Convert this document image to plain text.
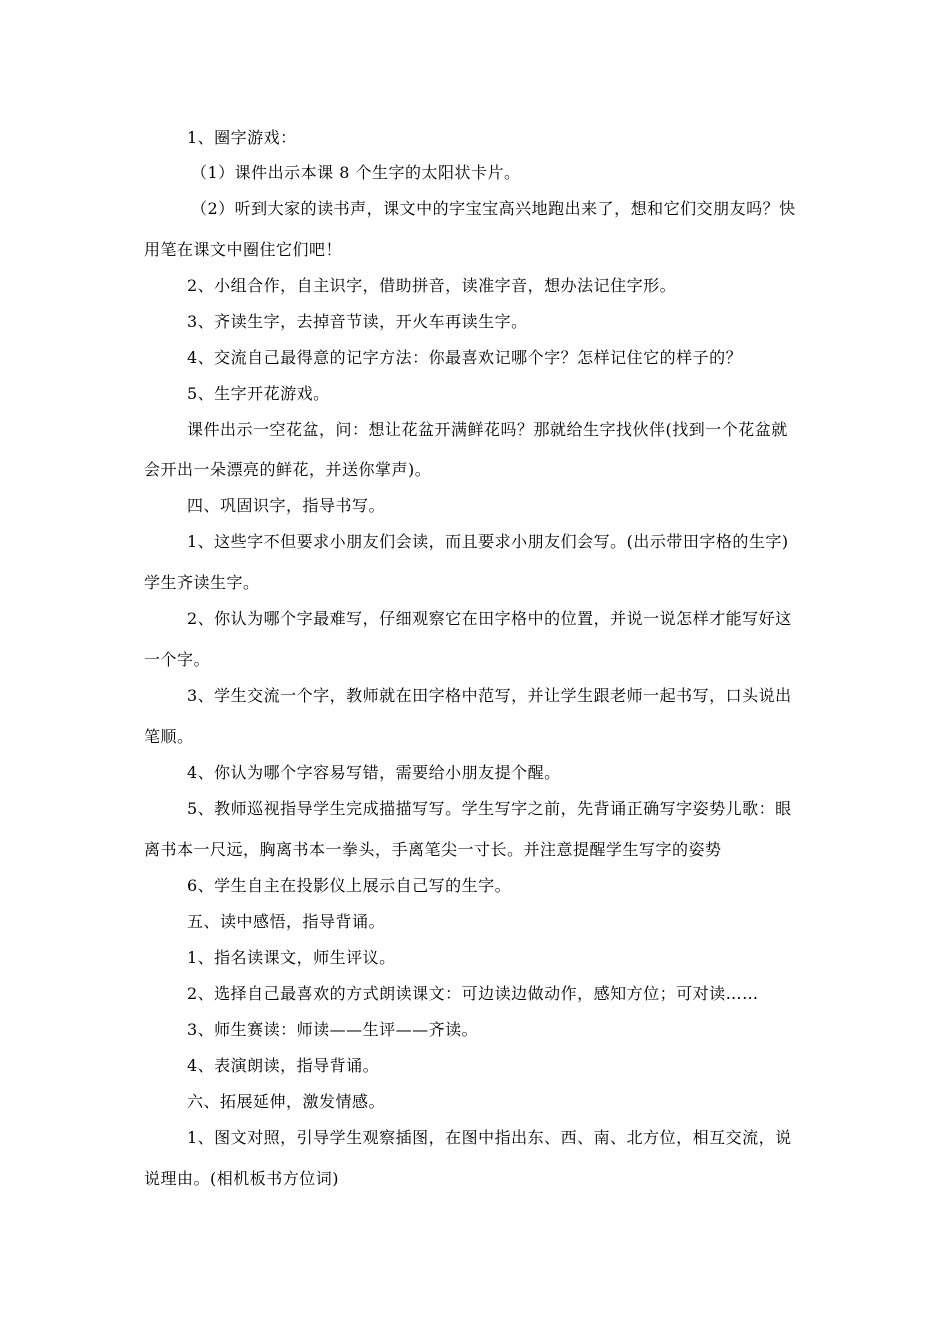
1、圈字游戏：
（1）课件出示本课 8 个生字的太阳状卡片。
（2）听到大家的读书声，课文中的字宝宝高兴地跑出来了，想和它们交朋友吗？快
用笔在课文中圈住它们吧！
2、小组合作，自主识字，借助拼音，读准字音，想办法记住字形。
3、齐读生字，去掉音节读，开火车再读生字。
4、交流自己最得意的记字方法：你最喜欢记哪个字？怎样记住它的样子的？
5、生字开花游戏。
课件出示一空花盆，问：想让花盆开满鲜花吗？那就给生字找伙伴(找到一个花盆就
会开出一朵漂亮的鲜花，并送你掌声)。
四、巩固识字，指导书写。
1、这些字不但要求小朋友们会读，而且要求小朋友们会写。(出示带田字格的生字)
学生齐读生字。
2、你认为哪个字最难写，仔细观察它在田字格中的位置，并说一说怎样才能写好这
一个字。
3、学生交流一个字，教师就在田字格中范写，并让学生跟老师一起书写，口头说出
笔顺。
4、你认为哪个字容易写错，需要给小朋友提个醒。
5、教师巡视指导学生完成描描写写。学生写字之前，先背诵正确写字姿势儿歌：眼
离书本一尺远，胸离书本一拳头，手离笔尖一寸长。并注意提醒学生写字的姿势
6、学生自主在投影仪上展示自己写的生字。
五、读中感悟，指导背诵。
1、指名读课文，师生评议。
2、选择自己最喜欢的方式朗读课文：可边读边做动作，感知方位；可对读……
3、师生赛读：师读——生评——齐读。
4、表演朗读，指导背诵。
六、拓展延伸，激发情感。
1、图文对照，引导学生观察插图，在图中指出东、西、南、北方位，相互交流，说
说理由。(相机板书方位词)
